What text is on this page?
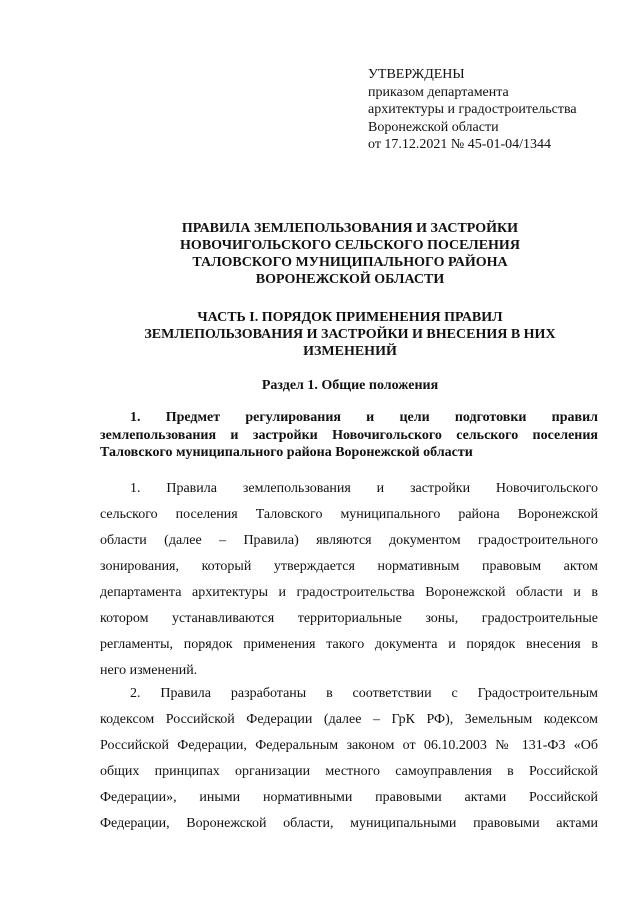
УТВЕРЖДЕНЫ
приказом департамента
архитектуры и градостроительства
Воронежской области
от 17.12.2021 № 45-01-04/1344
ПРАВИЛА ЗЕМЛЕПОЛЬЗОВАНИЯ И ЗАСТРОЙКИ
НОВОЧИГОЛЬСКОГО СЕЛЬСКОГО ПОСЕЛЕНИЯ
ТАЛОВСКОГО МУНИЦИПАЛЬНОГО РАЙОНА
ВОРОНЕЖСКОЙ ОБЛАСТИ
ЧАСТЬ I. ПОРЯДОК ПРИМЕНЕНИЯ ПРАВИЛ
ЗЕМЛЕПОЛЬЗОВАНИЯ И ЗАСТРОЙКИ И ВНЕСЕНИЯ В НИХ
ИЗМЕНЕНИЙ
Раздел 1. Общие положения
1. Предмет регулирования и цели подготовки правил
землепользования и застройки Новочигольского сельского поселения
Таловского муниципального района Воронежской области
1. Правила землепользования и застройки Новочигольского
сельского поселения Таловского муниципального района Воронежской
области (далее – Правила) являются документом градостроительного
зонирования, который утверждается нормативным правовым актом
департамента архитектуры и градостроительства Воронежской области и в
котором устанавливаются территориальные зоны, градостроительные
регламенты, порядок применения такого документа и порядок внесения в
него изменений.
2. Правила разработаны в соответствии с Градостроительным
кодексом Российской Федерации (далее – ГрК РФ), Земельным кодексом
Российской Федерации, Федеральным законом от 06.10.2003 № 131-ФЗ «Об
общих принципах организации местного самоуправления в Российской
Федерации», иными нормативными правовыми актами Российской
Федерации, Воронежской области, муниципальными правовыми актами
